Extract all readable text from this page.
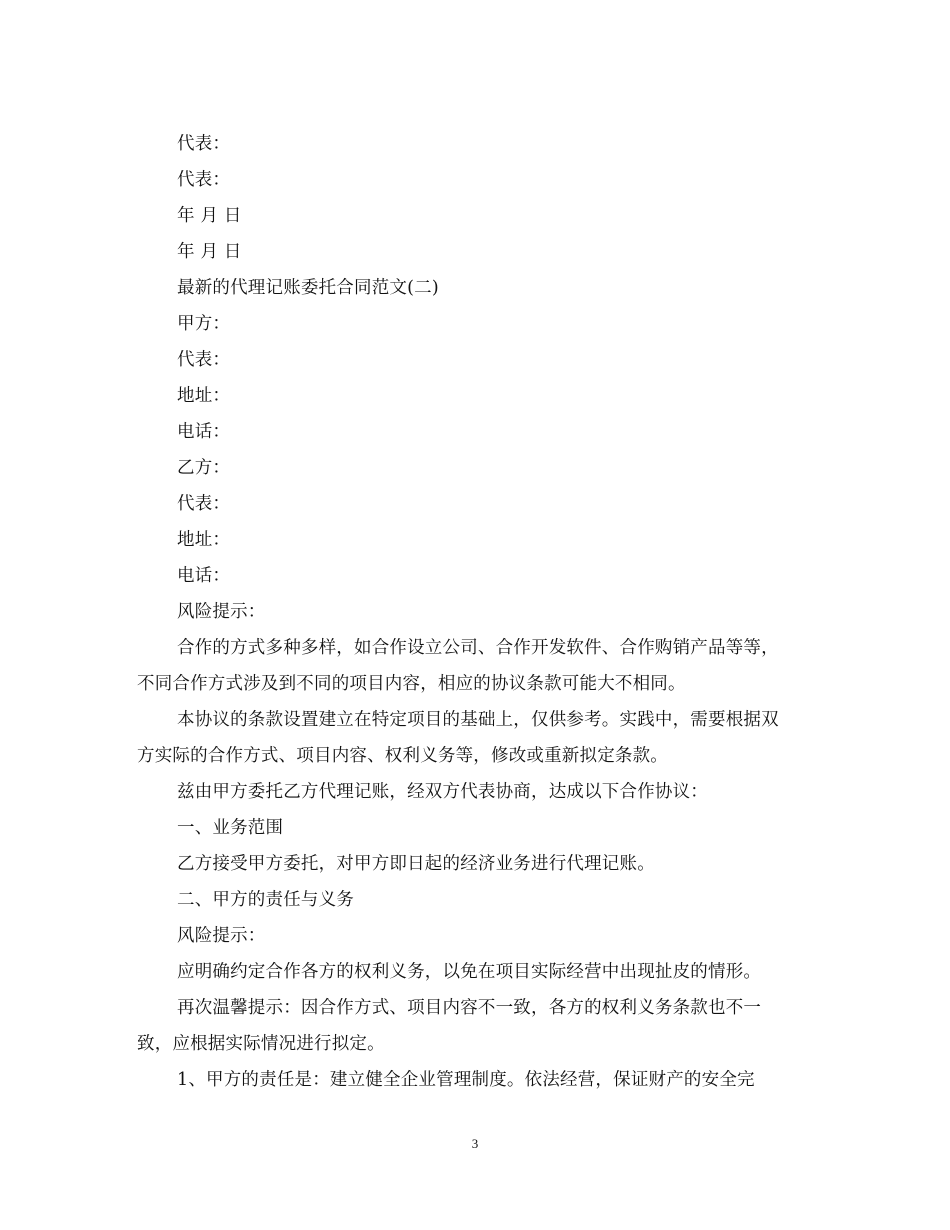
代表：
代表：
年 月 日
年 月 日
最新的代理记账委托合同范文(二)
甲方：
代表：
地址：
电话：
乙方：
代表：
地址：
电话：
风险提示：
合作的方式多种多样，如合作设立公司、合作开发软件、合作购销产品等等，
不同合作方式涉及到不同的项目内容，相应的协议条款可能大不相同。
本协议的条款设置建立在特定项目的基础上，仅供参考。实践中，需要根据双
方实际的合作方式、项目内容、权利义务等，修改或重新拟定条款。
兹由甲方委托乙方代理记账，经双方代表协商，达成以下合作协议：
一、业务范围
乙方接受甲方委托，对甲方即日起的经济业务进行代理记账。
二、甲方的责任与义务
风险提示：
应明确约定合作各方的权利义务，以免在项目实际经营中出现扯皮的情形。
再次温馨提示：因合作方式、项目内容不一致，各方的权利义务条款也不一
致，应根据实际情况进行拟定。
1、甲方的责任是：建立健全企业管理制度。依法经营，保证财产的安全完
3
